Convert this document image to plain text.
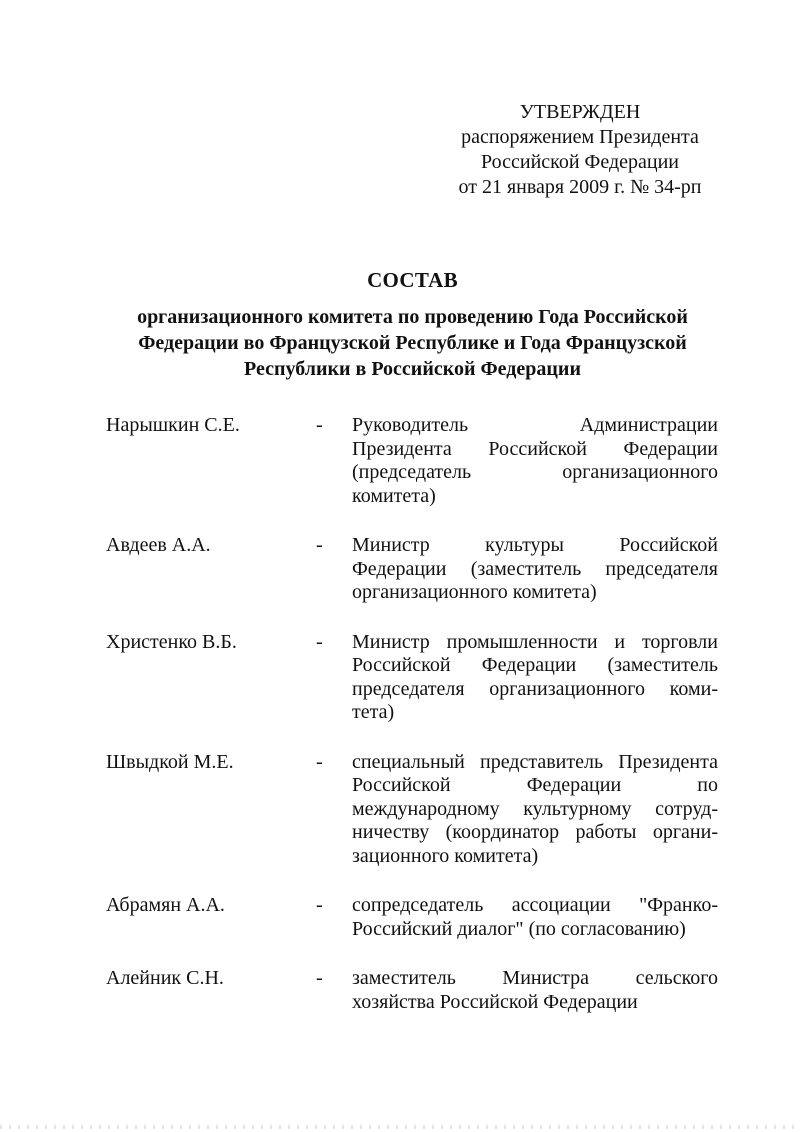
УТВЕРЖДЕН
распоряжением Президента
Российской Федерации
от 21 января 2009 г. № 34-рп
СОСТАВ
организационного комитета по проведению Года Российской
Федерации во Французской Республике и Года Французской
Республики в Российской Федерации
Нарышкин С.Е.	-	Руководитель Администрации
Президента Российской Федерации
(председатель организационного
комитета)
Авдеев А.А.	-	Министр культуры Российской
Федерации (заместитель председателя
организационного комитета)
Христенко В.Б.	-	Министр промышленности и торговли
Российской Федерации (заместитель
председателя организационного коми-
тета)
Швыдкой М.Е.	-	специальный представитель Президента
Российской Федерации по
международному культурному сотруд-
ничеству (координатор работы органи-
зационного комитета)
Абрамян А.А.	-	сопредседатель ассоциации "Франко-
Российский диалог" (по согласованию)
Алейник С.Н.	-	заместитель Министра сельского
хозяйства Российской Федерации
